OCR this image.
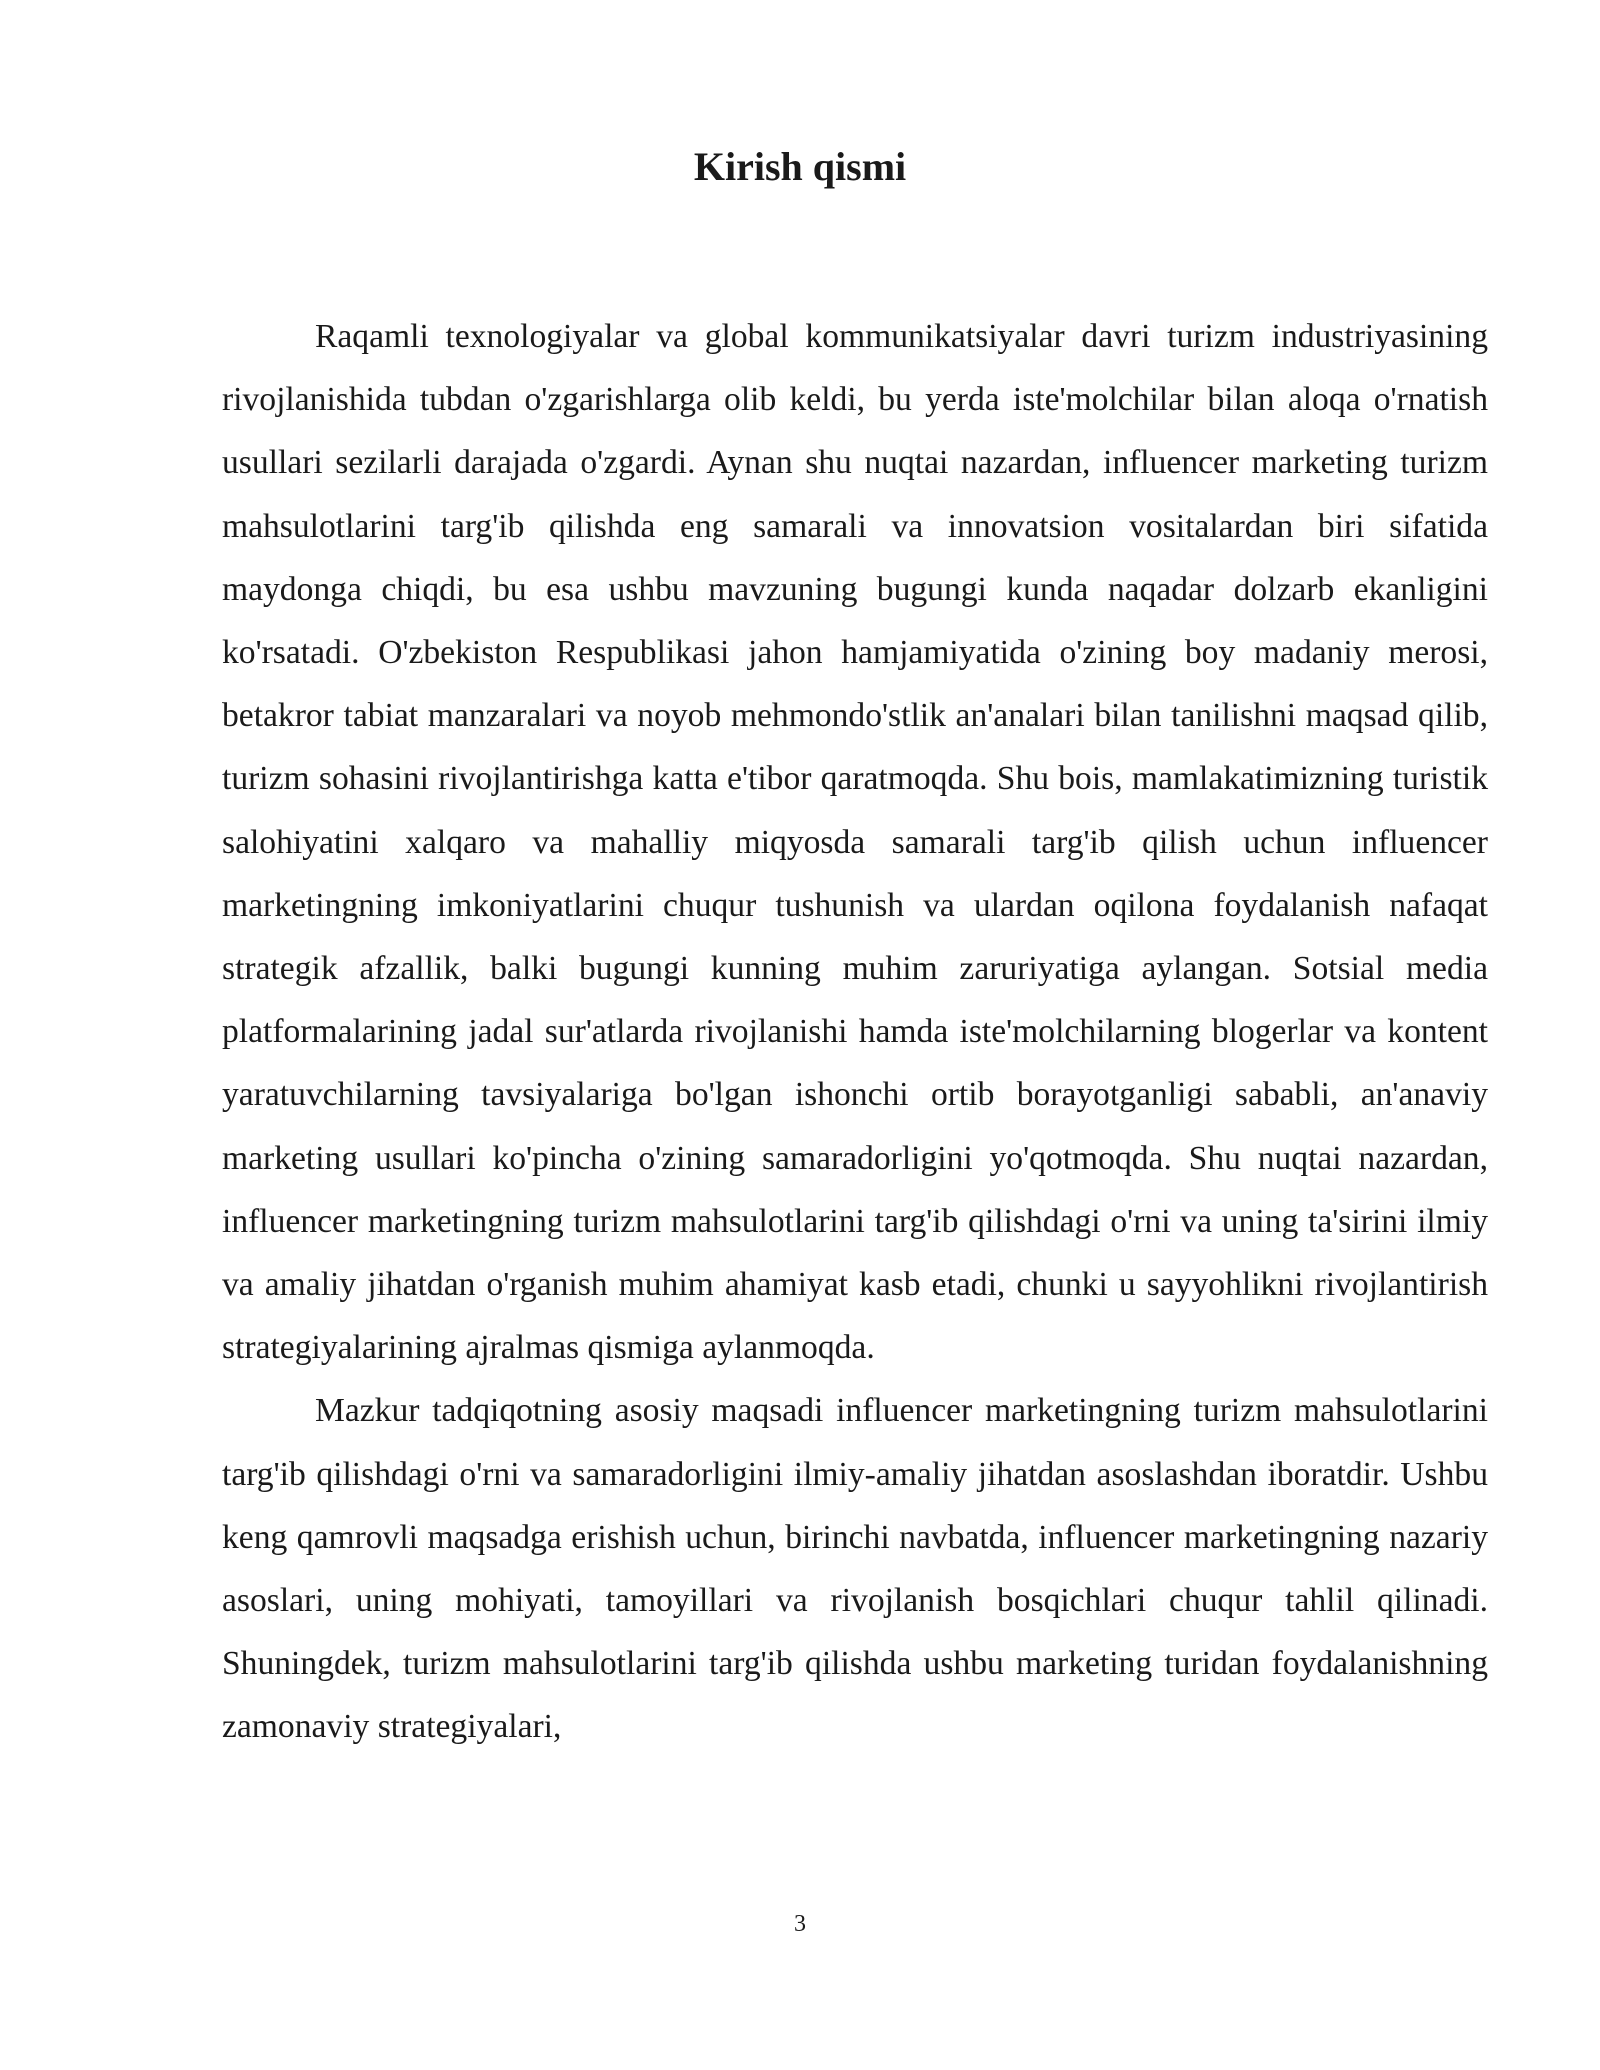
Kirish qismi

Raqamli texnologiyalar va global kommunikatsiyalar davri turizm industriyasining rivojlanishida tubdan o'zgarishlarga olib keldi, bu yerda iste'molchilar bilan aloqa o'rnatish usullari sezilarli darajada o'zgardi. Aynan shu nuqtai nazardan, influencer marketing turizm mahsulotlarini targ'ib qilishda eng samarali va innovatsion vositalardan biri sifatida maydonga chiqdi, bu esa ushbu mavzuning bugungi kunda naqadar dolzarb ekanligini ko'rsatadi. O'zbekiston Respublikasi jahon hamjamiyatida o'zining boy madaniy merosi, betakror tabiat manzaralari va noyob mehmondo'stlik an'analari bilan tanilishni maqsad qilib, turizm sohasini rivojlantirishga katta e'tibor qaratmoqda. Shu bois, mamlakatimizning turistik salohiyatini xalqaro va mahalliy miqyosda samarali targ'ib qilish uchun influencer marketingning imkoniyatlarini chuqur tushunish va ulardan oqilona foydalanish nafaqat strategik afzallik, balki bugungi kunning muhim zaruriyatiga aylangan. Sotsial media platformalarining jadal sur'atlarda rivojlanishi hamda iste'molchilarning blogerlar va kontent yaratuvchilarning tavsiyalariga bo'lgan ishonchi ortib borayotganligi sababli, an'anaviy marketing usullari ko'pincha o'zining samaradorligini yo'qotmoqda. Shu nuqtai nazardan, influencer marketingning turizm mahsulotlarini targ'ib qilishdagi o'rni va uning ta'sirini ilmiy va amaliy jihatdan o'rganish muhim ahamiyat kasb etadi, chunki u sayyohlikni rivojlantirish strategiyalarining ajralmas qismiga aylanmoqda.

Mazkur tadqiqotning asosiy maqsadi influencer marketingning turizm mahsulotlarini targ'ib qilishdagi o'rni va samaradorligini ilmiy-amaliy jihatdan asoslashdan iboratdir. Ushbu keng qamrovli maqsadga erishish uchun, birinchi navbatda, influencer marketingning nazariy asoslari, uning mohiyati, tamoyillari va rivojlanish bosqichlari chuqur tahlil qilinadi. Shuningdek, turizm mahsulotlarini targ'ib qilishda ushbu marketing turidan foydalanishning zamonaviy strategiyalari,

3
